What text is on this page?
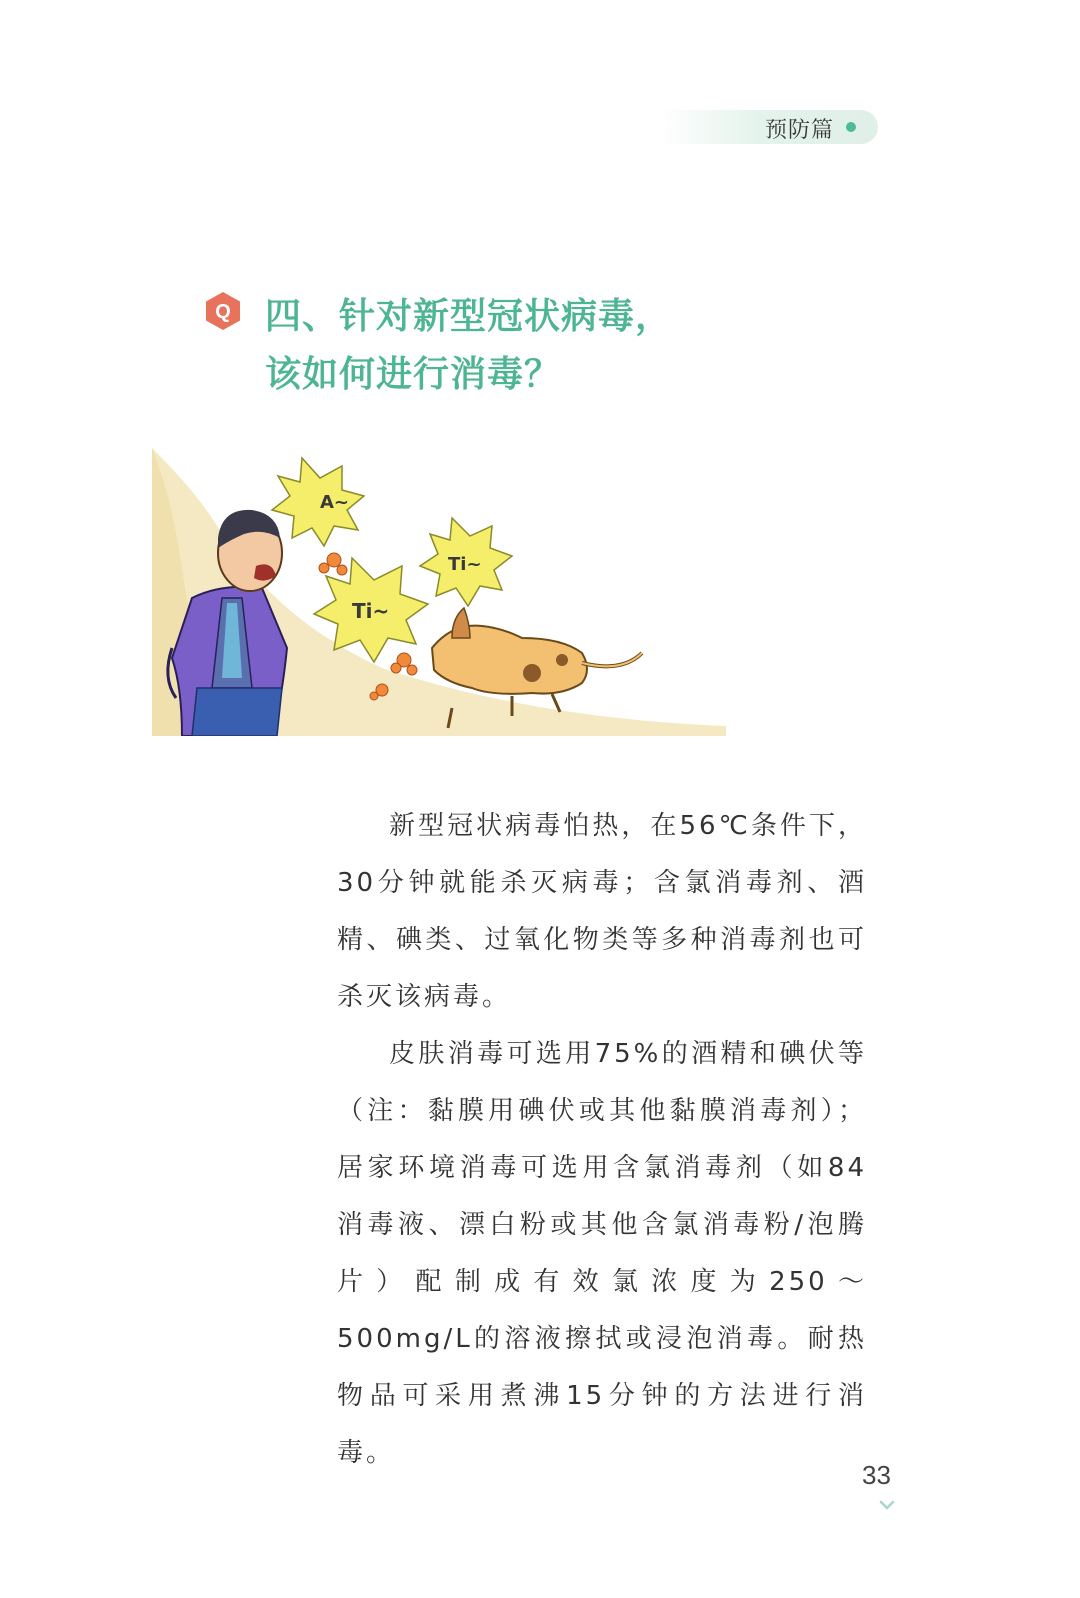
预防篇
Q 四、针对新型冠状病毒，
该如何进行消毒？
A~
Ti~
Ti~

新型冠状病毒怕热，在56℃条件下，30分钟就能杀灭病毒；含氯消毒剂、酒精、碘类、过氧化物类等多种消毒剂也可杀灭该病毒。

皮肤消毒可选用75%的酒精和碘伏等（注：黏膜用碘伏或其他黏膜消毒剂）；居家环境消毒可选用含氯消毒剂（如84消毒液、漂白粉或其他含氯消毒粉/泡腾片）配制成有效氯浓度为250～500mg/L的溶液擦拭或浸泡消毒。耐热物品可采用煮沸15分钟的方法进行消毒。

33
